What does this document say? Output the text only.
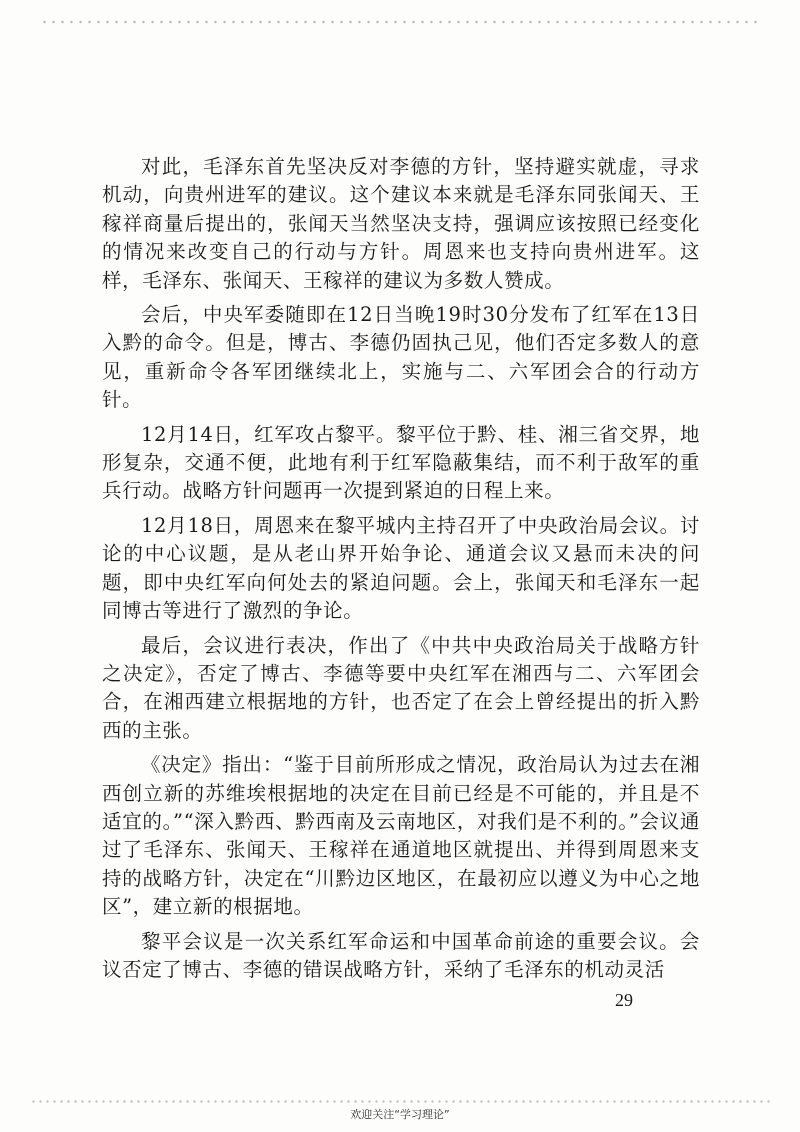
对此，毛泽东首先坚决反对李德的方针，坚持避实就虚，寻求机动，向贵州进军的建议。这个建议本来就是毛泽东同张闻天、王稼祥商量后提出的，张闻天当然坚决支持，强调应该按照已经变化的情况来改变自己的行动与方针。周恩来也支持向贵州进军。这样，毛泽东、张闻天、王稼祥的建议为多数人赞成。

会后，中央军委随即在12日当晚19时30分发布了红军在13日入黔的命令。但是，博古、李德仍固执己见，他们否定多数人的意见，重新命令各军团继续北上，实施与二、六军团会合的行动方针。

12月14日，红军攻占黎平。黎平位于黔、桂、湘三省交界，地形复杂，交通不便，此地有利于红军隐蔽集结，而不利于敌军的重兵行动。战略方针问题再一次提到紧迫的日程上来。

12月18日，周恩来在黎平城内主持召开了中央政治局会议。讨论的中心议题，是从老山界开始争论、通道会议又悬而未决的问题，即中央红军向何处去的紧迫问题。会上，张闻天和毛泽东一起同博古等进行了激烈的争论。

最后，会议进行表决，作出了《中共中央政治局关于战略方针之决定》，否定了博古、李德等要中央红军在湘西与二、六军团会合，在湘西建立根据地的方针，也否定了在会上曾经提出的折入黔西的主张。

《决定》指出：“鉴于目前所形成之情况，政治局认为过去在湘西创立新的苏维埃根据地的决定在目前已经是不可能的，并且是不适宜的。”“深入黔西、黔西南及云南地区，对我们是不利的。”会议通过了毛泽东、张闻天、王稼祥在通道地区就提出、并得到周恩来支持的战略方针，决定在“川黔边区地区，在最初应以遵义为中心之地区”，建立新的根据地。

黎平会议是一次关系红军命运和中国革命前途的重要会议。会议否定了博古、李德的错误战略方针，采纳了毛泽东的机动灵活

29
欢迎关注“学习理论”
